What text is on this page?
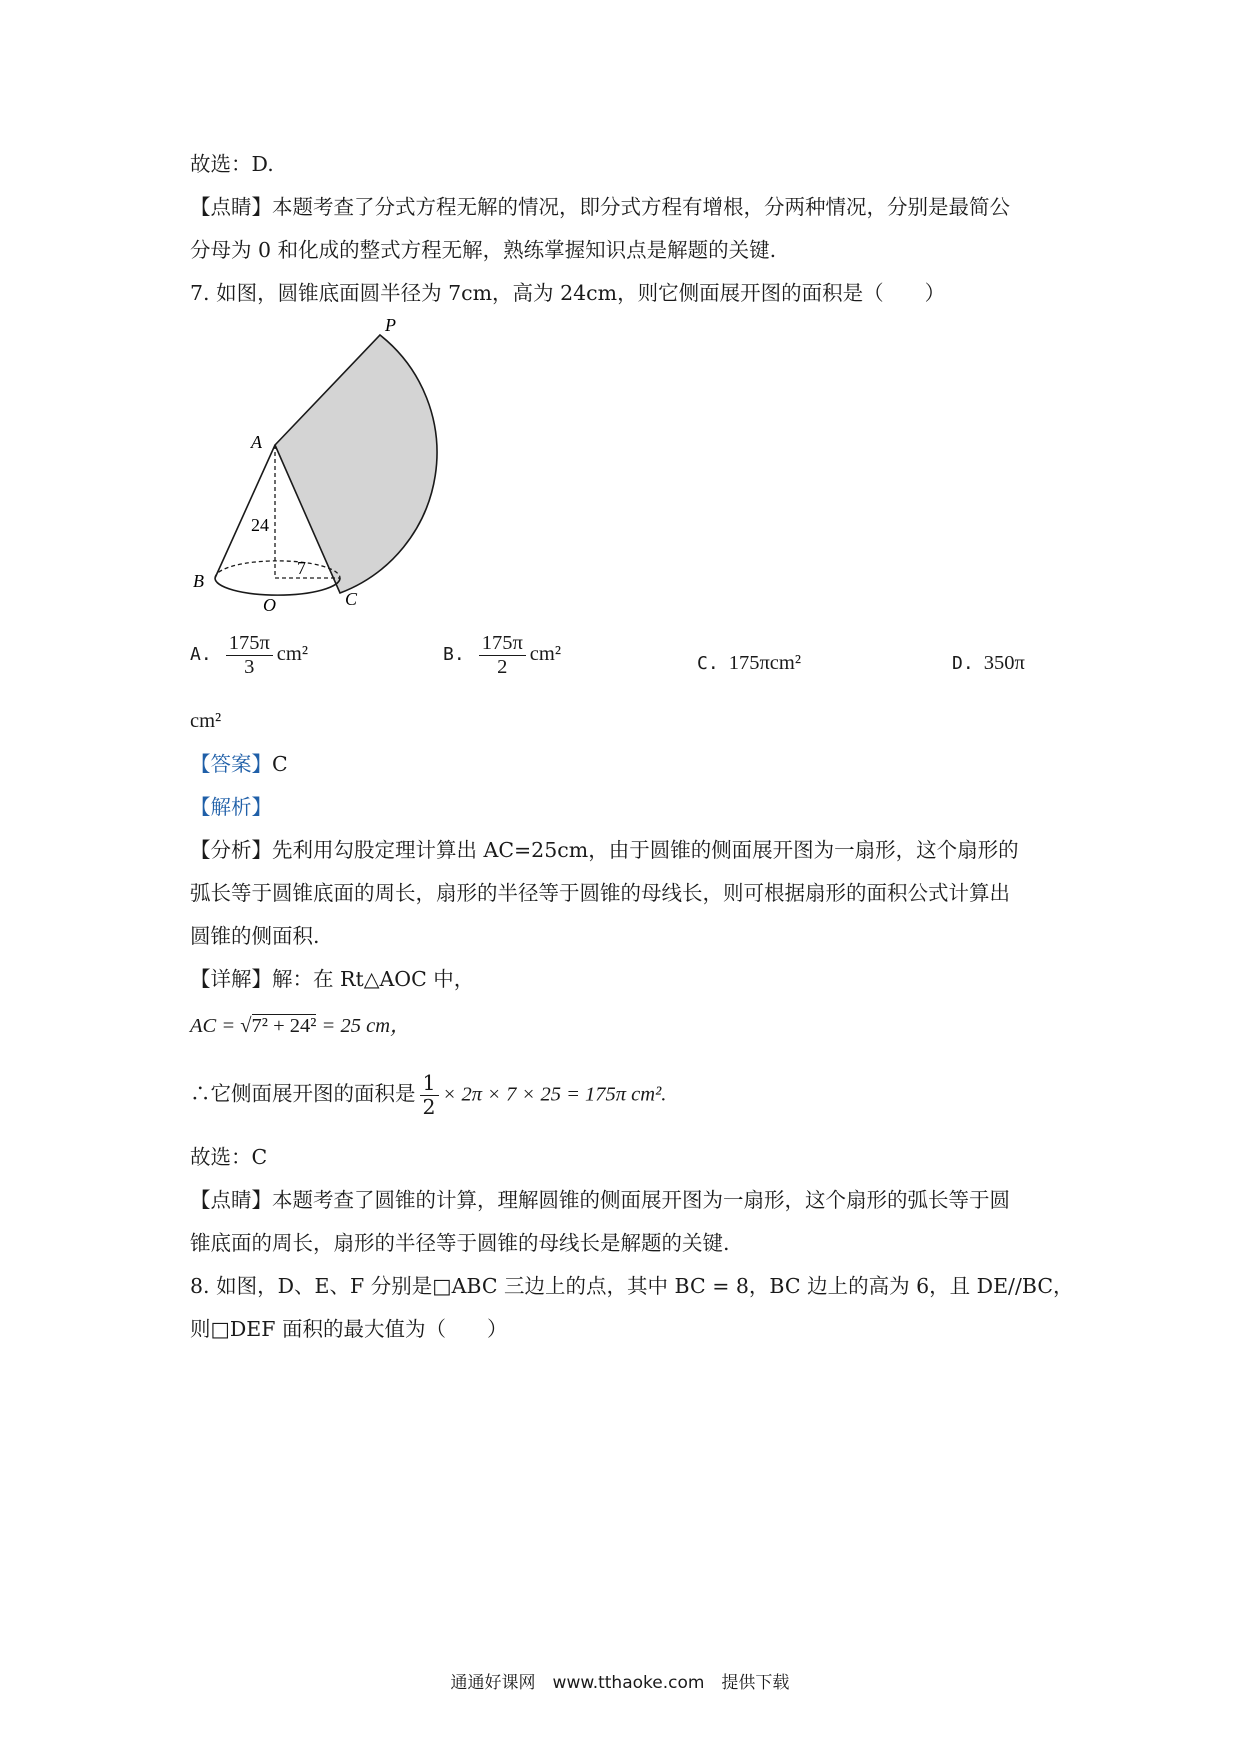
故选：D.
【点睛】本题考查了分式方程无解的情况，即分式方程有增根，分两种情况，分别是最简公
分母为 0 和化成的整式方程无解，熟练掌握知识点是解题的关键.
7. 如图，圆锥底面圆半径为 7cm，高为 24cm，则它侧面展开图的面积是（　　）
P
A
B
O	C
24
7
A. $\frac{175\pi}{3} cm^2$	B. $\frac{175\pi}{2} cm^2$	C. 175πcm²	D. 350π
cm²
【答案】C
【解析】
【分析】先利用勾股定理计算出 AC=25cm，由于圆锥的侧面展开图为一扇形，这个扇形的
弧长等于圆锥底面的周长，扇形的半径等于圆锥的母线长，则可根据扇形的面积公式计算出
圆锥的侧面积.
【详解】解：在 Rt△AOC 中，
AC = √7² + 24² = 25 cm，
∴它侧面展开图的面积是 $\frac{1}{2} \times 2\pi \times 7 \times 25 = 175\pi$ cm².
故选：C
【点睛】本题考查了圆锥的计算，理解圆锥的侧面展开图为一扇形，这个扇形的弧长等于圆
锥底面的周长，扇形的半径等于圆锥的母线长是解题的关键.
8. 如图，D、E、F 分别是□ABC 三边上的点，其中 BC = 8，BC 边上的高为 6，且 DE//BC，
则□DEF 面积的最大值为（　　）
通通好课网　www.tthaoke.com　提供下载
